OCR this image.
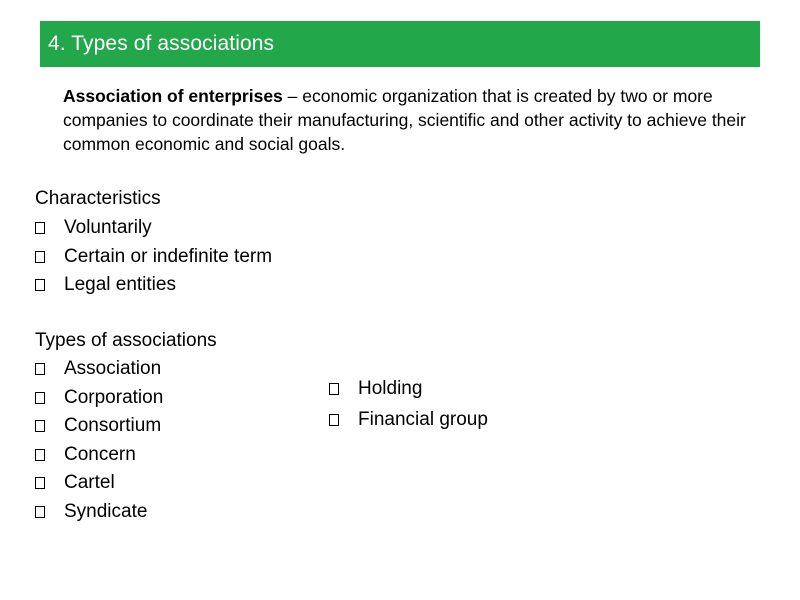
4. Types of associations

Association of enterprises – economic organization that is created by two or more companies to coordinate their manufacturing, scientific and other activity to achieve their common economic and social goals.

Characteristics

Voluntarily
Certain or indefinite term
Legal entities

Types of associations

Association
Corporation
Consortium
Concern
Cartel
Syndicate
Holding
Financial group
